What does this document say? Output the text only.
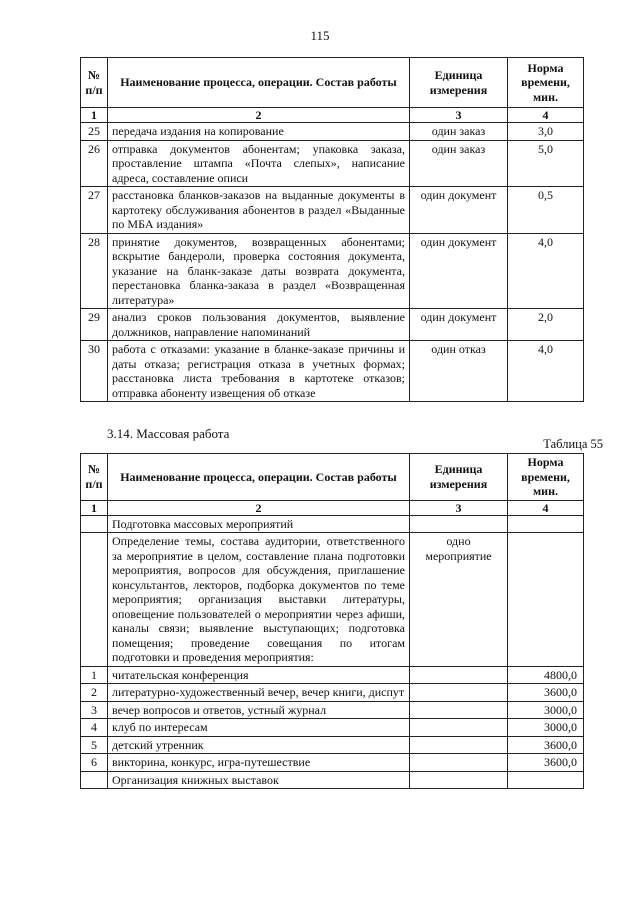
115
№ п/п	Наименование процесса, операции. Состав работы	Единица измерения	Норма времени, мин.
1	2	3	4
25	передача издания на копирование	один заказ	3,0
26	отправка документов абонентам; упаковка заказа, проставление штампа «Почта слепых», написание адреса, составление описи	один заказ	5,0
27	расстановка бланков-заказов на выданные документы в картотеку обслуживания абонентов в раздел «Выданные по МБА издания»	один документ	0,5
28	принятие документов, возвращенных абонентами; вскрытие бандероли, проверка состояния документа, указание на бланк-заказе даты возврата документа, перестановка бланка-заказа в раздел «Возвращенная литература»	один документ	4,0
29	анализ сроков пользования документов, выявление должников, направление напоминаний	один документ	2,0
30	работа с отказами: указание в бланке-заказе причины и даты отказа; регистрация отказа в учетных формах; расстановка листа требования в картотеке отказов; отправка абоненту извещения об отказе	один отказ	4,0
3.14. Массовая работа
Таблица 55
№ п/п	Наименование процесса, операции. Состав работы	Единица измерения	Норма времени, мин.
1	2	3	4
	Подготовка массовых мероприятий		
	Определение темы, состава аудитории, ответственного за мероприятие в целом, составление плана подготовки мероприятия, вопросов для обсуждения, приглашение консультантов, лекторов, подборка документов по теме мероприятия; организация выставки литературы, оповещение пользователей о мероприятии через афиши, каналы связи; выявление выступающих; подготовка помещения; проведение совещания по итогам подготовки и проведения мероприятия:	одно мероприятие	
1	читательская конференция		4800,0
2	литературно-художественный вечер, вечер книги, диспут		3600,0
3	вечер вопросов и ответов, устный журнал		3000,0
4	клуб по интересам		3000,0
5	детский утренник		3600,0
6	викторина, конкурс, игра-путешествие		3600,0
	Организация книжных выставок		
